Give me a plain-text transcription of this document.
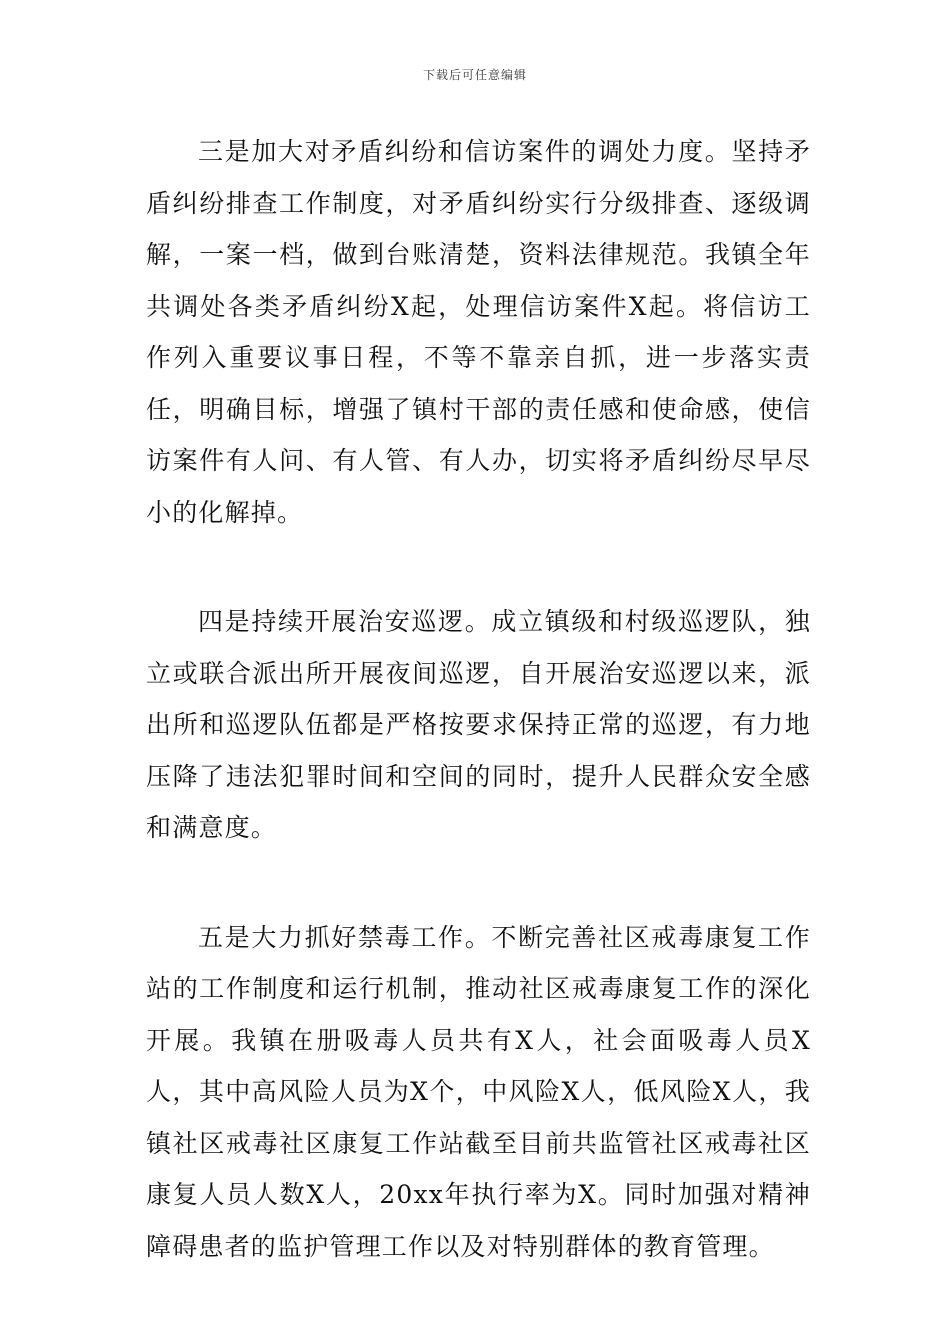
下载后可任意编辑

三是加大对矛盾纠纷和信访案件的调处力度。坚持矛盾纠纷排查工作制度，对矛盾纠纷实行分级排查、逐级调解，一案一档，做到台账清楚，资料法律规范。我镇全年共调处各类矛盾纠纷X起，处理信访案件X起。将信访工作列入重要议事日程，不等不靠亲自抓，进一步落实责任，明确目标，增强了镇村干部的责任感和使命感，使信访案件有人问、有人管、有人办，切实将矛盾纠纷尽早尽小的化解掉。

四是持续开展治安巡逻。成立镇级和村级巡逻队，独立或联合派出所开展夜间巡逻，自开展治安巡逻以来，派出所和巡逻队伍都是严格按要求保持正常的巡逻，有力地压降了违法犯罪时间和空间的同时，提升人民群众安全感和满意度。

五是大力抓好禁毒工作。不断完善社区戒毒康复工作站的工作制度和运行机制，推动社区戒毒康复工作的深化开展。我镇在册吸毒人员共有X人，社会面吸毒人员X人，其中高风险人员为X个，中风险X人，低风险X人，我镇社区戒毒社区康复工作站截至目前共监管社区戒毒社区康复人员人数X人，20xx年执行率为X。同时加强对精神障碍患者的监护管理工作以及对特别群体的教育管理。
